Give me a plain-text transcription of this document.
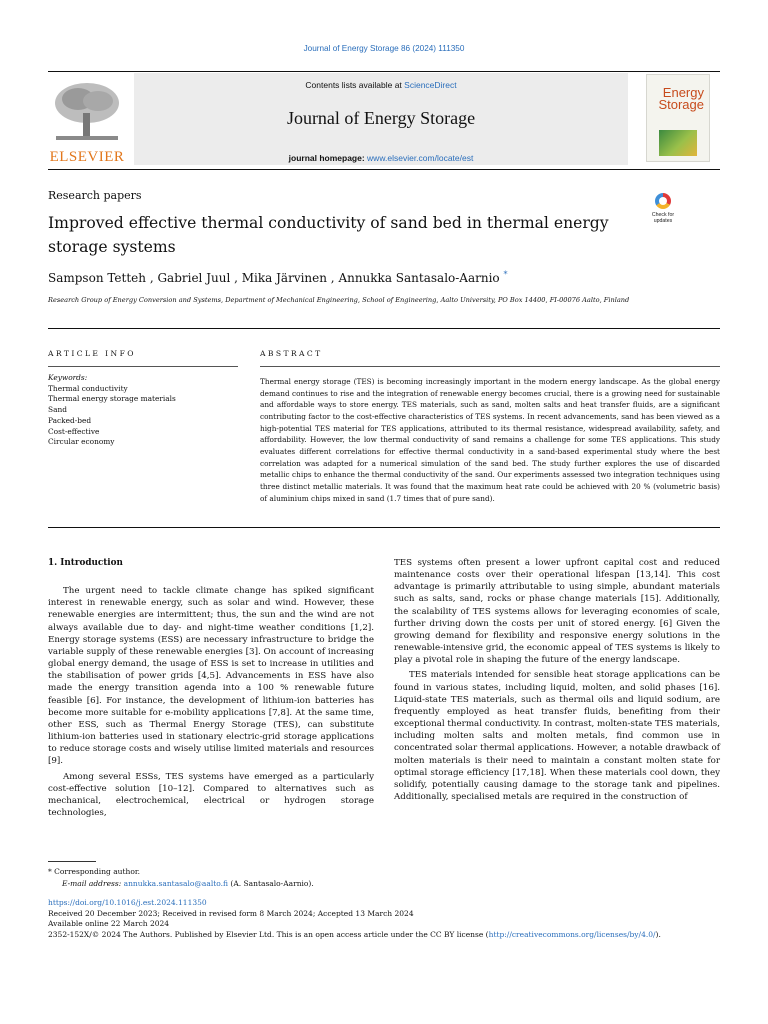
Journal of Energy Storage 86 (2024) 111350
ELSEVIER
Contents lists available at ScienceDirect
Journal of Energy Storage
journal homepage: www.elsevier.com/locate/est
Energy
Storage
Research papers
Improved effective thermal conductivity of sand bed in thermal energy storage systems
Check for
updates
Sampson Tetteh , Gabriel Juul , Mika Järvinen , Annukka Santasalo-Aarnio *
Research Group of Energy Conversion and Systems, Department of Mechanical Engineering, School of Engineering, Aalto University, PO Box 14400, FI-00076 Aalto, Finland
ARTICLE INFO	ABSTRACT
Keywords:
Thermal conductivity
Thermal energy storage materials
Sand
Packed-bed
Cost-effective
Circular economy
Thermal energy storage (TES) is becoming increasingly important in the modern energy landscape. As the global energy demand continues to rise and the integration of renewable energy becomes crucial, there is a growing need for sustainable and affordable ways to store energy. TES materials, such as sand, molten salts and heat transfer fluids, are a significant contributing factor to the cost-effective characteristics of TES systems. In recent advancements, sand has been viewed as a high-potential TES material for TES applications, attributed to its thermal resistance, widespread availability, safety, and affordability. However, the low thermal conductivity of sand remains a challenge for some TES applications. This study evaluates different correlations for effective thermal conductivity in a sand-based experimental study where the best correlation was adapted for a numerical simulation of the sand bed. The study further explores the use of discarded metallic chips to enhance the thermal conductivity of the sand. Our experiments assessed two integration techniques using three distinct metallic materials. It was found that the maximum heat rate could be achieved with 20 % (volumetric basis) of aluminium chips mixed in sand (1.7 times that of pure sand).
1. Introduction

The urgent need to tackle climate change has spiked significant interest in renewable energy, such as solar and wind. However, these renewable energies are intermittent; thus, the sun and the wind are not always available due to day- and night-time weather conditions [1,2]. Energy storage systems (ESS) are necessary infrastructure to bridge the variable supply of these renewable energies [3]. On account of increasing global energy demand, the usage of ESS is set to increase in utilities and the stabilisation of power grids [4,5]. Advancements in ESS have also made the energy transition agenda into a 100 % renewable future feasible [6]. For instance, the development of lithium-ion batteries has become more suitable for e-mobility applications [7,8]. At the same time, other ESS, such as Thermal Energy Storage (TES), can substitute lithium-ion batteries used in stationary electric-grid storage applications to reduce storage costs and wisely utilise limited materials and resources [9].

Among several ESSs, TES systems have emerged as a particularly cost-effective solution [10–12]. Compared to alternatives such as mechanical, electrochemical, electrical or hydrogen storage technologies,

TES systems often present a lower upfront capital cost and reduced maintenance costs over their operational lifespan [13,14]. This cost advantage is primarily attributable to using simple, abundant materials such as salts, sand, rocks or phase change materials [15]. Additionally, the scalability of TES systems allows for leveraging economies of scale, further driving down the costs per unit of stored energy. [6] Given the growing demand for flexibility and responsive energy solutions in the renewable-intensive grid, the economic appeal of TES systems is likely to play a pivotal role in shaping the future of the energy landscape.

TES materials intended for sensible heat storage applications can be found in various states, including liquid, molten, and solid phases [16]. Liquid-state TES materials, such as thermal oils and liquid sodium, are frequently employed as heat transfer fluids, benefiting from their exceptional thermal conductivity. In contrast, molten-state TES materials, including molten salts and molten metals, find common use in concentrated solar thermal applications. However, a notable drawback of molten materials is their need to maintain a constant molten state for optimal storage efficiency [17,18]. When these materials cool down, they solidify, potentially causing damage to the storage tank and pipelines. Additionally, specialised metals are required in the construction of

* Corresponding author.
E-mail address: annukka.santasalo@aalto.fi (A. Santasalo-Aarnio).
https://doi.org/10.1016/j.est.2024.111350
Received 20 December 2023; Received in revised form 8 March 2024; Accepted 13 March 2024
Available online 22 March 2024
2352-152X/© 2024 The Authors. Published by Elsevier Ltd. This is an open access article under the CC BY license (http://creativecommons.org/licenses/by/4.0/).
